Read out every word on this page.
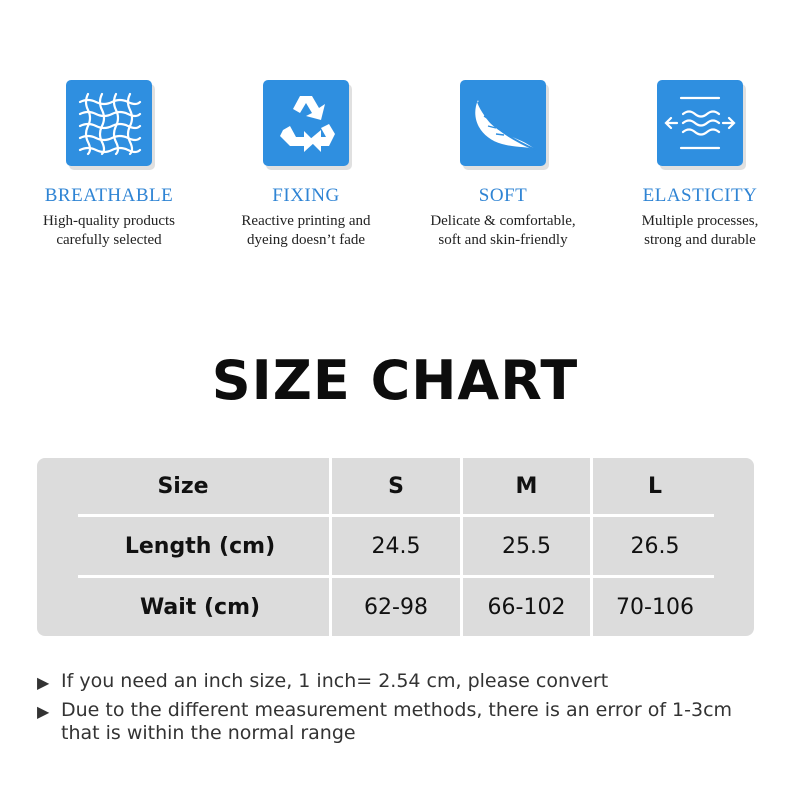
BREATHABLE
High-quality products
carefully selected
FIXING
Reactive printing and
dyeing doesn’t fade
SOFT
Delicate & comfortable,
soft and skin-friendly
ELASTICITY
Multiple processes,
strong and durable
SIZE CHART
Size	S	M	L
Length (cm)	24.5	25.5	26.5
Wait (cm)	62-98	66-102	70-106
▶ If you need an inch size, 1 inch= 2.54 cm, please convert
▶ Due to the different measurement methods, there is an error of 1-3cm that is within the normal range
